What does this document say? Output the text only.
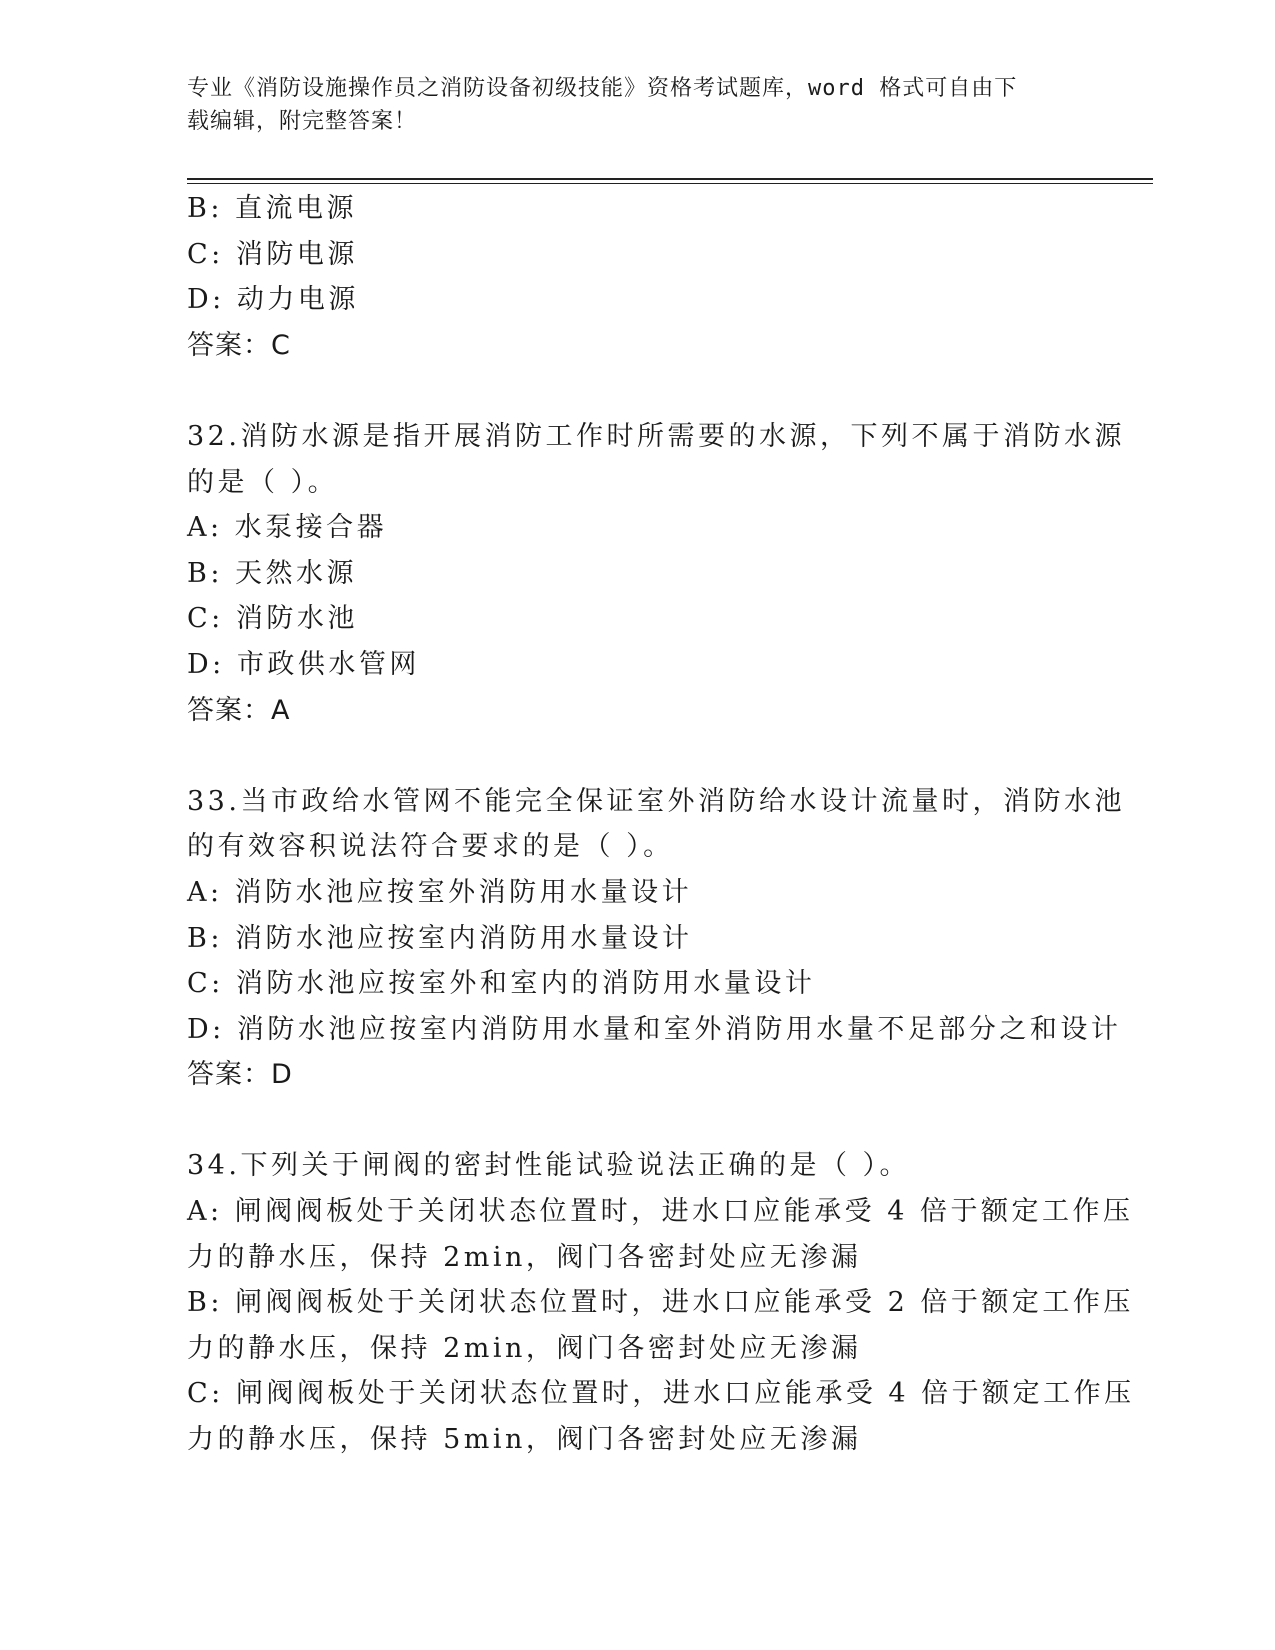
专业《消防设施操作员之消防设备初级技能》资格考试题库，word 格式可自由下
载编辑，附完整答案！
B: 直流电源
C: 消防电源
D: 动力电源
答案：C
32.消防水源是指开展消防工作时所需要的水源，下列不属于消防水源
的是（ ）。
A: 水泵接合器
B: 天然水源
C: 消防水池
D: 市政供水管网
答案：A
33.当市政给水管网不能完全保证室外消防给水设计流量时，消防水池
的有效容积说法符合要求的是（ ）。
A: 消防水池应按室外消防用水量设计
B: 消防水池应按室内消防用水量设计
C: 消防水池应按室外和室内的消防用水量设计
D: 消防水池应按室内消防用水量和室外消防用水量不足部分之和设计
答案：D
34.下列关于闸阀的密封性能试验说法正确的是（ ）。
A: 闸阀阀板处于关闭状态位置时，进水口应能承受 4 倍于额定工作压
力的静水压，保持 2min，阀门各密封处应无渗漏
B: 闸阀阀板处于关闭状态位置时，进水口应能承受 2 倍于额定工作压
力的静水压，保持 2min，阀门各密封处应无渗漏
C: 闸阀阀板处于关闭状态位置时，进水口应能承受 4 倍于额定工作压
力的静水压，保持 5min，阀门各密封处应无渗漏
